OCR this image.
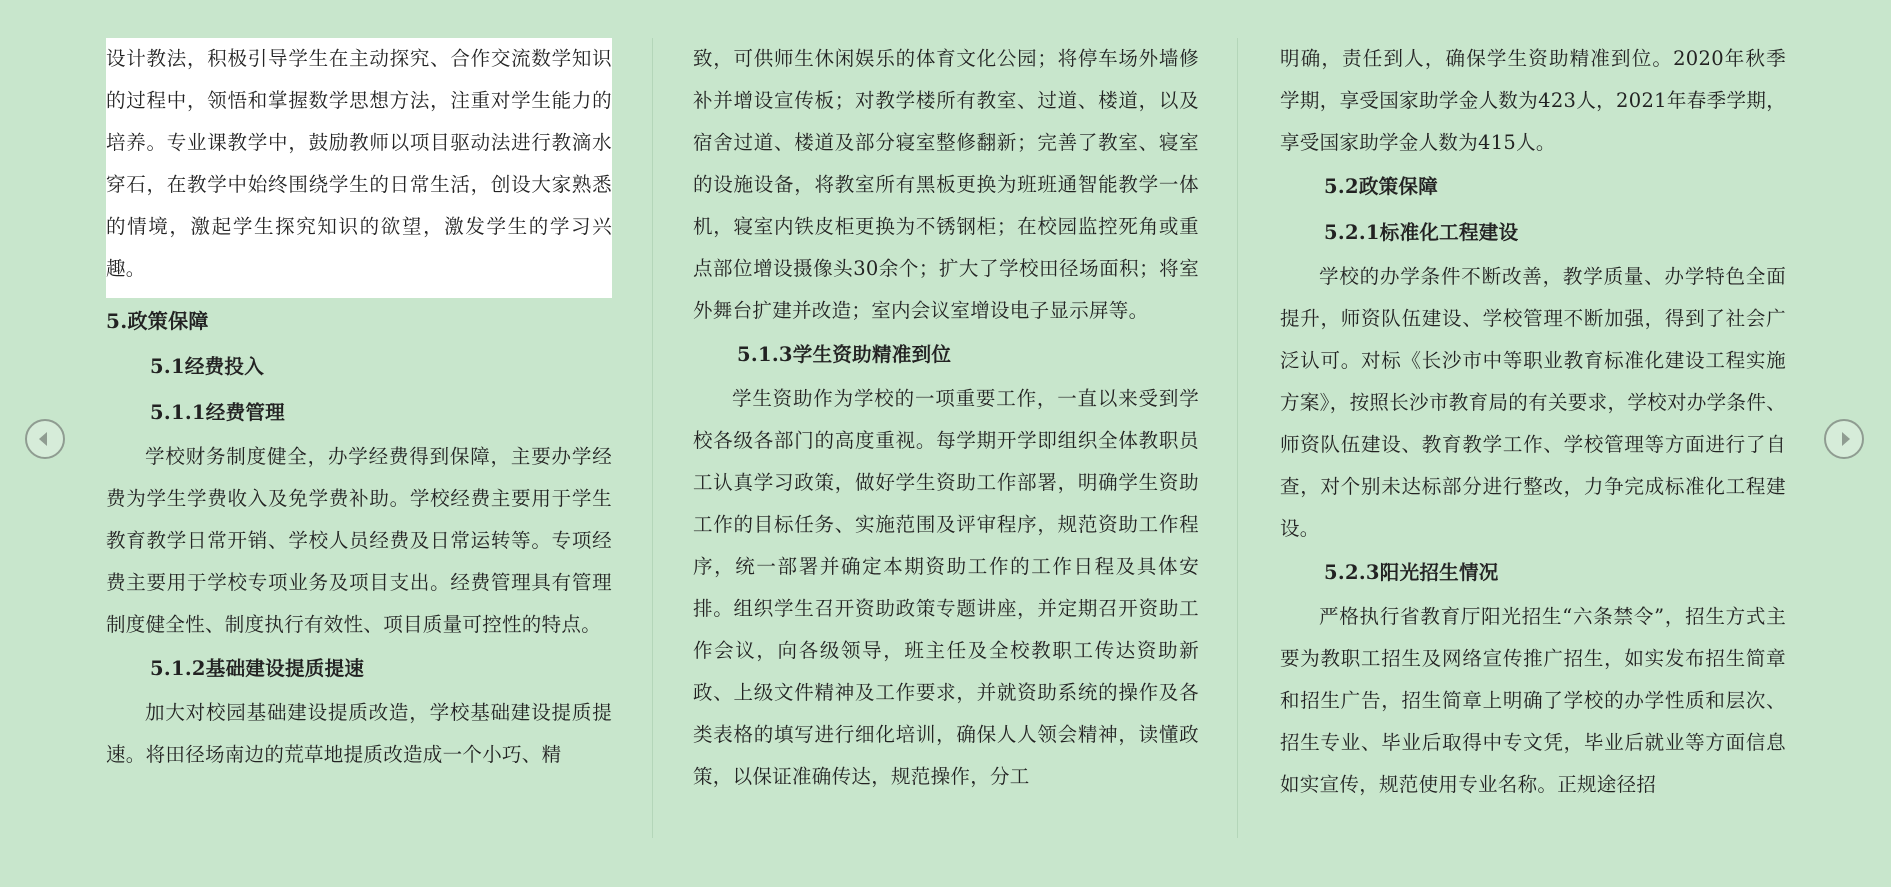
设计教法，积极引导学生在主动探究、合作交流数学知识的过程中，领悟和掌握数学思想方法，注重对学生能力的培养。专业课教学中，鼓励教师以项目驱动法进行教滴水穿石，在教学中始终围绕学生的日常生活，创设大家熟悉的情境，激起学生探究知识的欲望，激发学生的学习兴趣。

5.政策保障

5.1经费投入

5.1.1经费管理

学校财务制度健全，办学经费得到保障，主要办学经费为学生学费收入及免学费补助。学校经费主要用于学生教育教学日常开销、学校人员经费及日常运转等。专项经费主要用于学校专项业务及项目支出。经费管理具有管理制度健全性、制度执行有效性、项目质量可控性的特点。

5.1.2基础建设提质提速

加大对校园基础建设提质改造，学校基础建设提质提速。将田径场南边的荒草地提质改造成一个小巧、精

致，可供师生休闲娱乐的体育文化公园；将停车场外墙修补并增设宣传板；对教学楼所有教室、过道、楼道，以及宿舍过道、楼道及部分寝室整修翻新；完善了教室、寝室的设施设备，将教室所有黑板更换为班班通智能教学一体机，寝室内铁皮柜更换为不锈钢柜；在校园监控死角或重点部位增设摄像头30余个；扩大了学校田径场面积；将室外舞台扩建并改造；室内会议室增设电子显示屏等。

5.1.3学生资助精准到位

学生资助作为学校的一项重要工作，一直以来受到学校各级各部门的高度重视。每学期开学即组织全体教职员工认真学习政策，做好学生资助工作部署，明确学生资助工作的目标任务、实施范围及评审程序，规范资助工作程序，统一部署并确定本期资助工作的工作日程及具体安排。组织学生召开资助政策专题讲座，并定期召开资助工作会议，向各级领导，班主任及全校教职工传达资助新政、上级文件精神及工作要求，并就资助系统的操作及各类表格的填写进行细化培训，确保人人领会精神，读懂政策，以保证准确传达，规范操作，分工

明确，责任到人，确保学生资助精准到位。2020年秋季学期，享受国家助学金人数为423人，2021年春季学期，享受国家助学金人数为415人。

5.2政策保障

5.2.1标准化工程建设

学校的办学条件不断改善，教学质量、办学特色全面提升，师资队伍建设、学校管理不断加强，得到了社会广泛认可。对标《长沙市中等职业教育标准化建设工程实施方案》，按照长沙市教育局的有关要求，学校对办学条件、师资队伍建设、教育教学工作、学校管理等方面进行了自查，对个别未达标部分进行整改，力争完成标准化工程建设。

5.2.3阳光招生情况

严格执行省教育厅阳光招生“六条禁令”，招生方式主要为教职工招生及网络宣传推广招生，如实发布招生简章和招生广告，招生简章上明确了学校的办学性质和层次、招生专业、毕业后取得中专文凭，毕业后就业等方面信息如实宣传，规范使用专业名称。正规途径招
